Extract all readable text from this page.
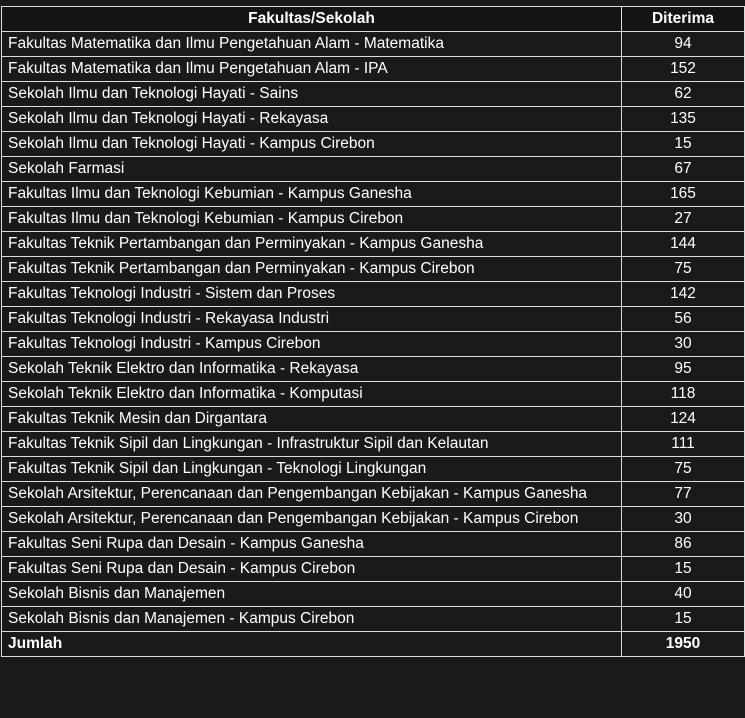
Fakultas/Sekolah	Diterima
Fakultas Matematika dan Ilmu Pengetahuan Alam - Matematika	94
Fakultas Matematika dan Ilmu Pengetahuan Alam - IPA	152
Sekolah Ilmu dan Teknologi Hayati - Sains	62
Sekolah Ilmu dan Teknologi Hayati - Rekayasa	135
Sekolah Ilmu dan Teknologi Hayati - Kampus Cirebon	15
Sekolah Farmasi	67
Fakultas Ilmu dan Teknologi Kebumian - Kampus Ganesha	165
Fakultas Ilmu dan Teknologi Kebumian - Kampus Cirebon	27
Fakultas Teknik Pertambangan dan Perminyakan - Kampus Ganesha	144
Fakultas Teknik Pertambangan dan Perminyakan - Kampus Cirebon	75
Fakultas Teknologi Industri - Sistem dan Proses	142
Fakultas Teknologi Industri - Rekayasa Industri	56
Fakultas Teknologi Industri - Kampus Cirebon	30
Sekolah Teknik Elektro dan Informatika - Rekayasa	95
Sekolah Teknik Elektro dan Informatika - Komputasi	118
Fakultas Teknik Mesin dan Dirgantara	124
Fakultas Teknik Sipil dan Lingkungan - Infrastruktur Sipil dan Kelautan	111
Fakultas Teknik Sipil dan Lingkungan - Teknologi Lingkungan	75
Sekolah Arsitektur, Perencanaan dan Pengembangan Kebijakan - Kampus Ganesha	77
Sekolah Arsitektur, Perencanaan dan Pengembangan Kebijakan - Kampus Cirebon	30
Fakultas Seni Rupa dan Desain - Kampus Ganesha	86
Fakultas Seni Rupa dan Desain - Kampus Cirebon	15
Sekolah Bisnis dan Manajemen	40
Sekolah Bisnis dan Manajemen - Kampus Cirebon	15
Jumlah	1950
